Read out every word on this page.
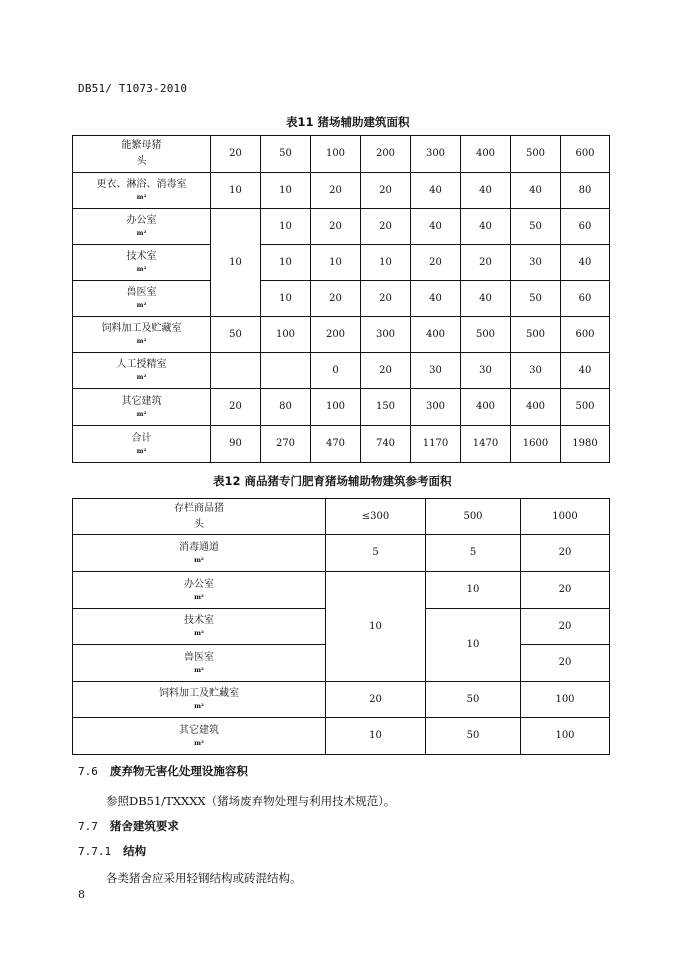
DB51/ T1073-2010
表11 猪场辅助建筑面积
能繁母猪
头	20	50	100	200	300	400	500	600

更衣、淋浴、消毒室
m²	10	10	20	20	40	40	40	80

办公室
m²	10	10	20	20	40	40	50	60

技术室
m²		10	10	10	20	20	30	40

兽医室
m²		10	20	20	40	40	50	60

饲料加工及贮藏室
m²	50	100	200	300	400	500	500	600

人工授精室
m²			0	20	30	30	30	40

其它建筑
m²	20	80	100	150	300	400	400	500

合计
m²	90	270	470	740	1170	1470	1600	1980
表12 商品猪专门肥育猪场辅助物建筑参考面积
存栏商品猪
头	≤300	500	1000

消毒通道
m²	5	5	20

办公室
m²	10	10	20

技术室
m²		10	20

兽医室
m²			20

饲料加工及贮藏室
m²	20	50	100

其它建筑
m²	10	50	100
7.6 废弃物无害化处理设施容积
参照DB51/TXXXX（猪场废弃物处理与利用技术规范）。
7.7 猪舍建筑要求
7.7.1 结构
各类猪舍应采用轻钢结构或砖混结构。
8
